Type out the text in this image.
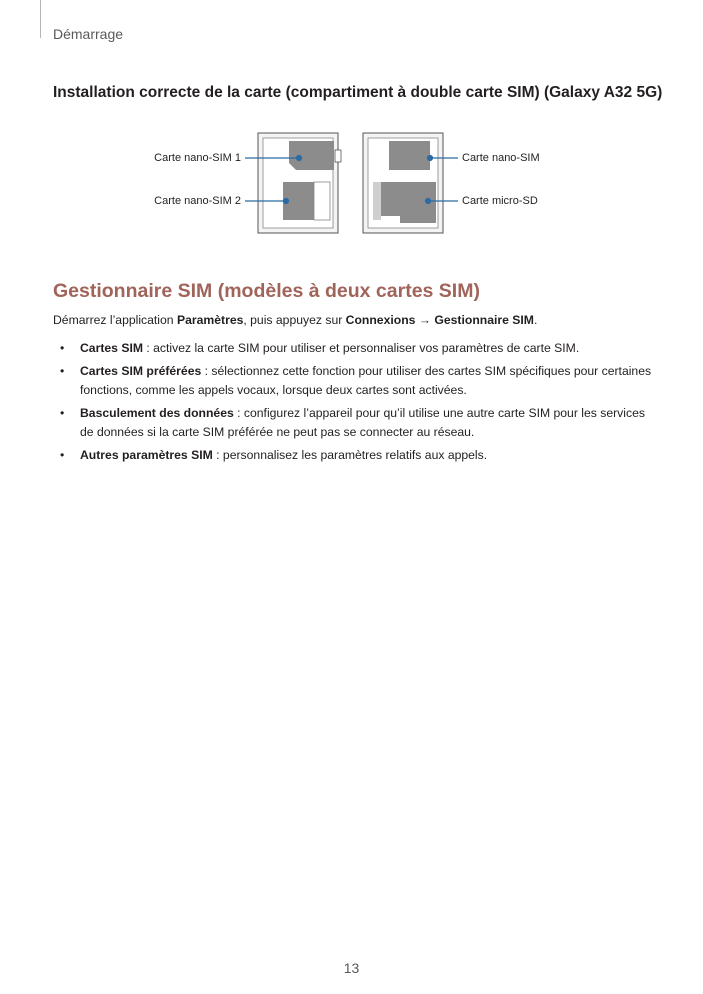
Démarrage
Installation correcte de la carte (compartiment à double carte SIM) (Galaxy A32 5G)
Carte nano-SIM 1
Carte nano-SIM 2
Carte nano-SIM
Carte micro-SD
Gestionnaire SIM (modèles à deux cartes SIM)
Démarrez l’application Paramètres, puis appuyez sur Connexions → Gestionnaire SIM.
• Cartes SIM : activez la carte SIM pour utiliser et personnaliser vos paramètres de carte SIM.
• Cartes SIM préférées : sélectionnez cette fonction pour utiliser des cartes SIM spécifiques pour certaines fonctions, comme les appels vocaux, lorsque deux cartes sont activées.
• Basculement des données : configurez l’appareil pour qu’il utilise une autre carte SIM pour les services de données si la carte SIM préférée ne peut pas se connecter au réseau.
• Autres paramètres SIM : personnalisez les paramètres relatifs aux appels.
13
